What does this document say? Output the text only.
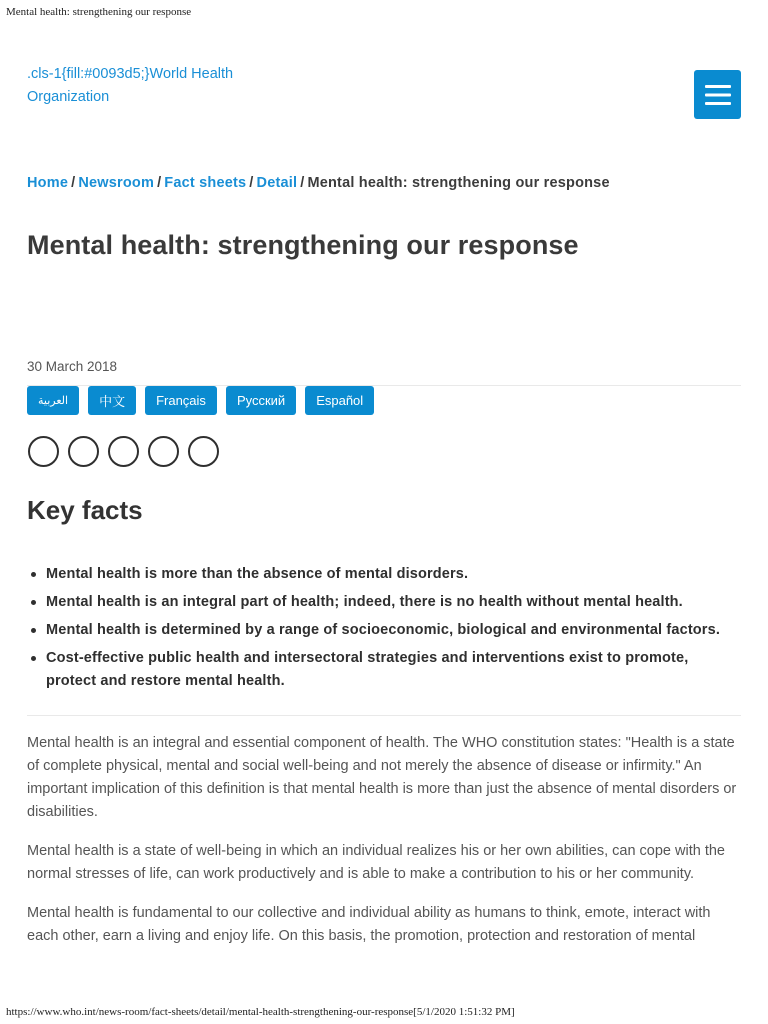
Mental health: strengthening our response
.cls-1{fill:#0093d5;}World Health
Organization
Home / Newsroom / Fact sheets / Detail / Mental health: strengthening our response
Mental health: strengthening our response
30 March 2018
العربية	中文	Français	Русский	Español
Key facts
Mental health is more than the absence of mental disorders.
Mental health is an integral part of health; indeed, there is no health without mental health.
Mental health is determined by a range of socioeconomic, biological and environmental factors.
Cost-effective public health and intersectoral strategies and interventions exist to promote, protect and restore mental health.

Mental health is an integral and essential component of health. The WHO constitution states: "Health is a state of complete physical, mental and social well-being and not merely the absence of disease or infirmity." An important implication of this definition is that mental health is more than just the absence of mental disorders or disabilities.

Mental health is a state of well-being in which an individual realizes his or her own abilities, can cope with the normal stresses of life, can work productively and is able to make a contribution to his or her community.

Mental health is fundamental to our collective and individual ability as humans to think, emote, interact with each other, earn a living and enjoy life. On this basis, the promotion, protection and restoration of mental

https://www.who.int/news-room/fact-sheets/detail/mental-health-strengthening-our-response[5/1/2020 1:51:32 PM]
